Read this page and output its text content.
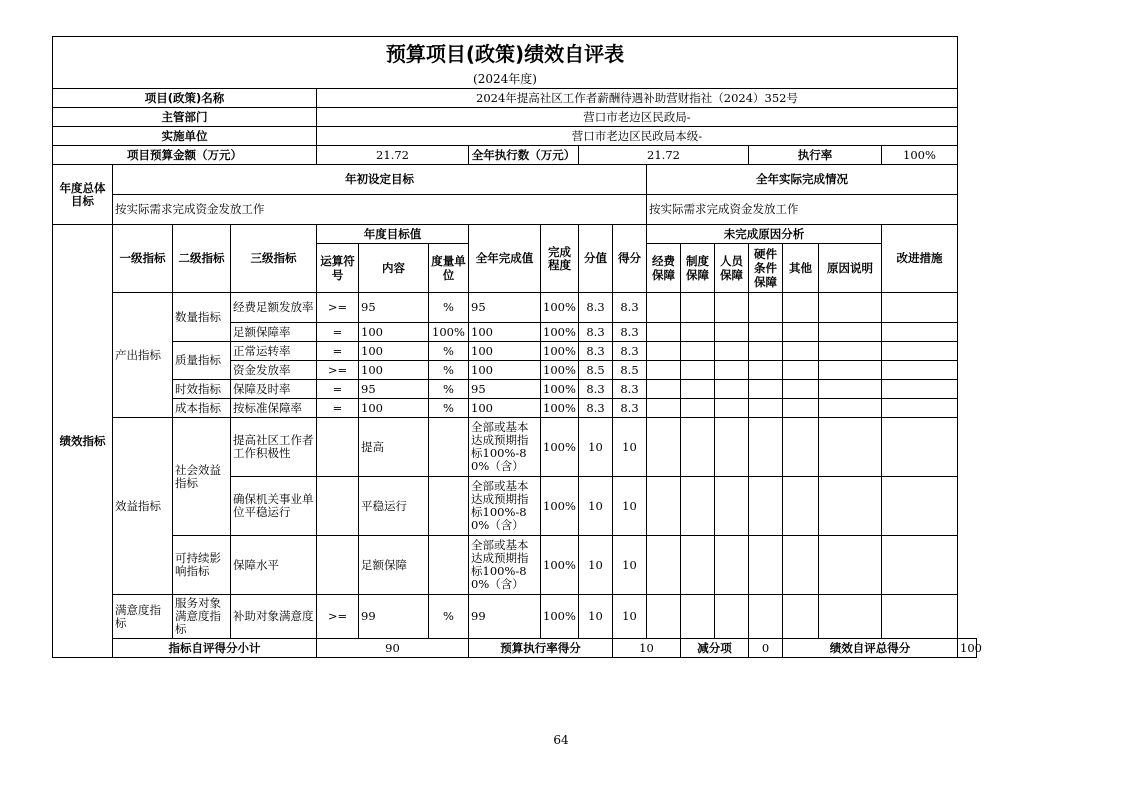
预算项目(政策)绩效自评表																		
(2024年度)																		
项目(政策)名称				2024年提高社区工作者薪酬待遇补助营财指社（2024）352号														
主管部门				营口市老边区民政局-														
实施单位				营口市老边区民政局本级-														
项目预算金额（万元）				21.72			全年执行数（万元）		21.72					执行率			100%	
年度总体目标	年初设定目标										全年实际完成情况							
	按实际需求完成资金发放工作										按实际需求完成资金发放工作							
绩效指标	一级指标	二级指标	三级指标	年度目标值			全年完成值	完成程度	分值	得分	未完成原因分析						改进措施	
				运算符号	内容	度量单位					经费保障	制度保障	人员保障	硬件条件保障	其他	原因说明		
	产出指标	数量指标	经费足额发放率	>=	95	%	95	100%	8.3	8.3								
			足额保障率	=	100	100%	100	100%	8.3	8.3								
		质量指标	正常运转率	=	100	%	100	100%	8.3	8.3								
			资金发放率	>=	100	%	100	100%	8.5	8.5								
		时效指标	保障及时率	=	95	%	95	100%	8.3	8.3								
		成本指标	按标准保障率	=	100	%	100	100%	8.3	8.3								
	效益指标	社会效益指标	提高社区工作者工作积极性		提高		全部或基本达成预期指标100%-80%（含）	100%	10	10								
			确保机关事业单位平稳运行		平稳运行		全部或基本达成预期指标100%-80%（含）	100%	10	10								
		可持续影响指标	保障水平		足额保障		全部或基本达成预期指标100%-80%（含）	100%	10	10								
	满意度指标	服务对象满意度指标	补助对象满意度	>=	99	%	99	100%	10	10								
	指标自评得分小计			90			预算执行率得分			10		减分项		0	绩效自评总得分			100
64
